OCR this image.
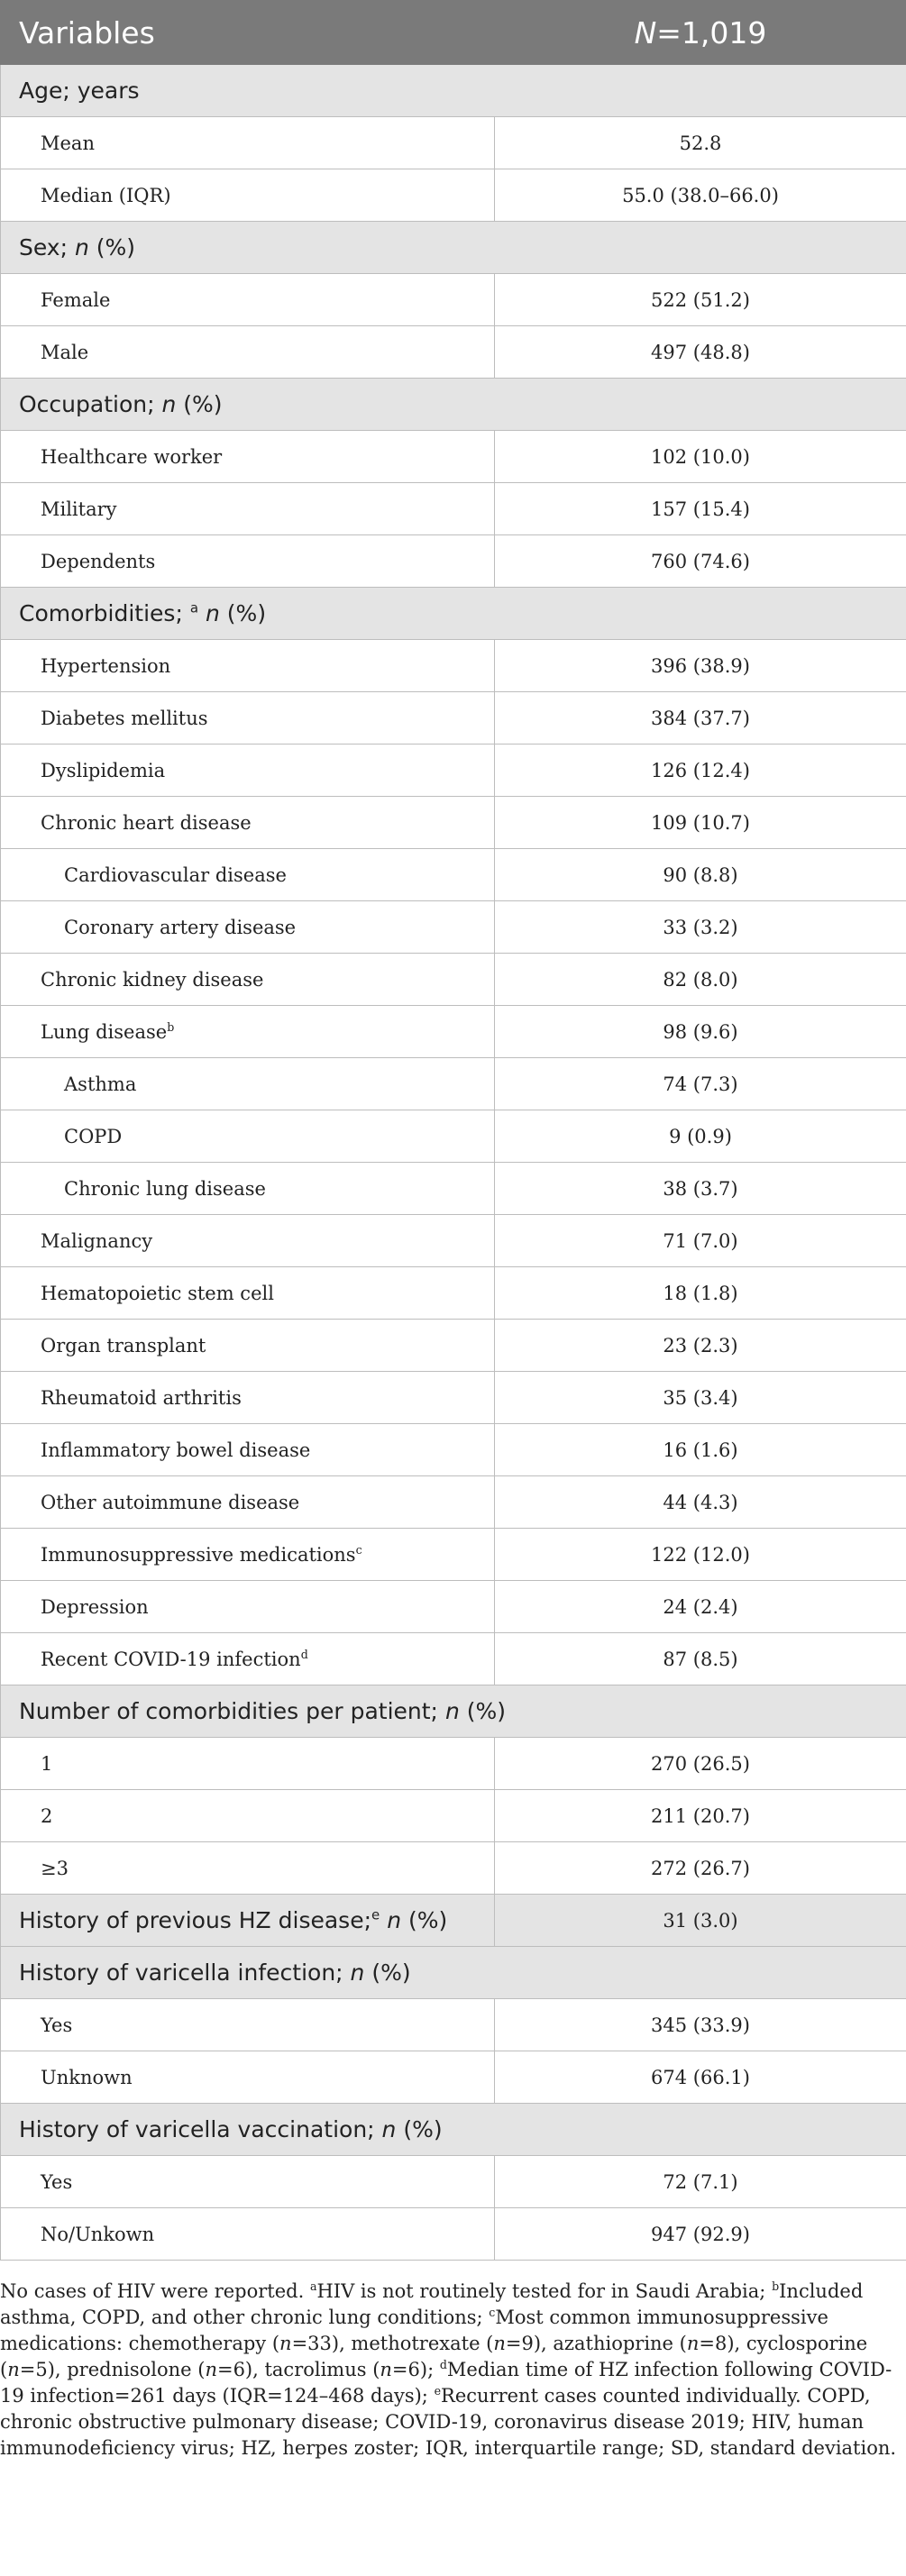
Variables	N=1,019
Age; years	
Mean	52.8
Median (IQR)	55.0 (38.0–66.0)
Sex; n (%)	
Female	522 (51.2)
Male	497 (48.8)
Occupation; n (%)	
Healthcare worker	102 (10.0)
Military	157 (15.4)
Dependents	760 (74.6)
Comorbidities; $^a$ n (%)	
Hypertension	396 (38.9)
Diabetes mellitus	384 (37.7)
Dyslipidemia	126 (12.4)
Chronic heart disease	109 (10.7)
Cardiovascular disease	90 (8.8)
Coronary artery disease	33 (3.2)
Chronic kidney disease	82 (8.0)
Lung disease$^b$	98 (9.6)
Asthma	74 (7.3)
COPD	9 (0.9)
Chronic lung disease	38 (3.7)
Malignancy	71 (7.0)
Hematopoietic stem cell	18 (1.8)
Organ transplant	23 (2.3)
Rheumatoid arthritis	35 (3.4)
Inflammatory bowel disease	16 (1.6)
Other autoimmune disease	44 (4.3)
Immunosuppressive medications$^c$	122 (12.0)
Depression	24 (2.4)
Recent COVID-19 infection$^d$	87 (8.5)
Number of comorbidities per patient; n (%)	
1	270 (26.5)
2	211 (20.7)
≥3	272 (26.7)
History of previous HZ disease;$^e$ n (%)	31 (3.0)
History of varicella infection; n (%)	
Yes	345 (33.9)
Unknown	674 (66.1)
History of varicella vaccination; n (%)	
Yes	72 (7.1)
No/Unkown	947 (92.9)

No cases of HIV were reported. $^a$HIV is not routinely tested for in Saudi Arabia; $^b$Included asthma, COPD, and other chronic lung conditions; $^c$Most common immunosuppressive medications: chemotherapy (n=33), methotrexate (n=9), azathioprine (n=8), cyclosporine (n=5), prednisolone (n=6), tacrolimus (n=6); $^d$Median time of HZ infection following COVID-19 infection=261 days (IQR=124–468 days); $^e$Recurrent cases counted individually. COPD, chronic obstructive pulmonary disease; COVID-19, coronavirus disease 2019; HIV, human immunodeficiency virus; HZ, herpes zoster; IQR, interquartile range; SD, standard deviation.
